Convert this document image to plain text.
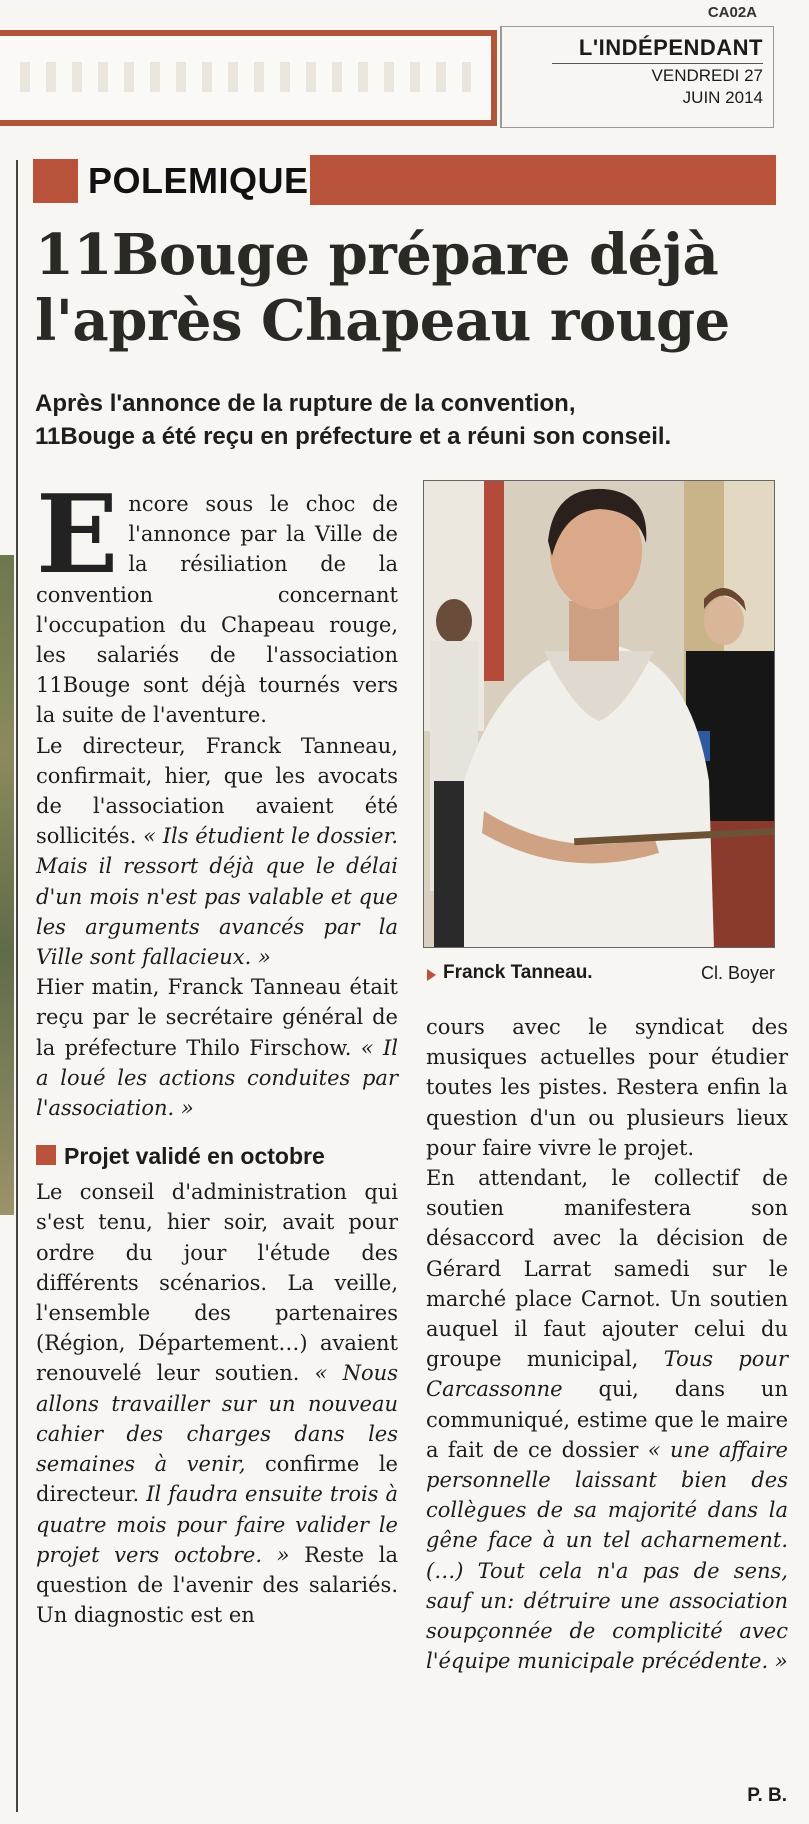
CA02A
L'INDÉPENDANT
VENDREDI 27
JUIN 2014
POLEMIQUE
11Bouge prépare déjà
l'après Chapeau rouge
Après l'annonce de la rupture de la convention,
11Bouge a été reçu en préfecture et a réuni son conseil.

Encore sous le choc de l'annonce par la Ville de la résiliation de la convention concernant l'occupation du Chapeau rouge, les salariés de l'association 11Bouge sont déjà tournés vers la suite de l'aventure.

Le directeur, Franck Tanneau, confirmait, hier, que les avocats de l'association avaient été sollicités. « Ils étudient le dossier. Mais il ressort déjà que le délai d'un mois n'est pas valable et que les arguments avancés par la Ville sont fallacieux. »

Hier matin, Franck Tanneau était reçu par le secrétaire général de la préfecture Thilo Firschow. « Il a loué les actions conduites par l'association. »

Projet validé en octobre

Le conseil d'administration qui s'est tenu, hier soir, avait pour ordre du jour l'étude des différents scénarios. La veille, l'ensemble des partenaires (Région, Département…) avaient renouvelé leur soutien. « Nous allons travailler sur un nouveau cahier des charges dans les semaines à venir, confirme le directeur. Il faudra ensuite trois à quatre mois pour faire valider le projet vers octobre. » Reste la question de l'avenir des salariés. Un diagnostic est en

Franck Tanneau.	Cl. Boyer

cours avec le syndicat des musiques actuelles pour étudier toutes les pistes. Restera enfin la question d'un ou plusieurs lieux pour faire vivre le projet.

En attendant, le collectif de soutien manifestera son désaccord avec la décision de Gérard Larrat samedi sur le marché place Carnot. Un soutien auquel il faut ajouter celui du groupe municipal, Tous pour Carcassonne qui, dans un communiqué, estime que le maire a fait de ce dossier « une affaire personnelle laissant bien des collègues de sa majorité dans la gêne face à un tel acharnement. (…) Tout cela n'a pas de sens, sauf un: détruire une association soupçonnée de complicité avec l'équipe municipale précédente. »

P. B.
